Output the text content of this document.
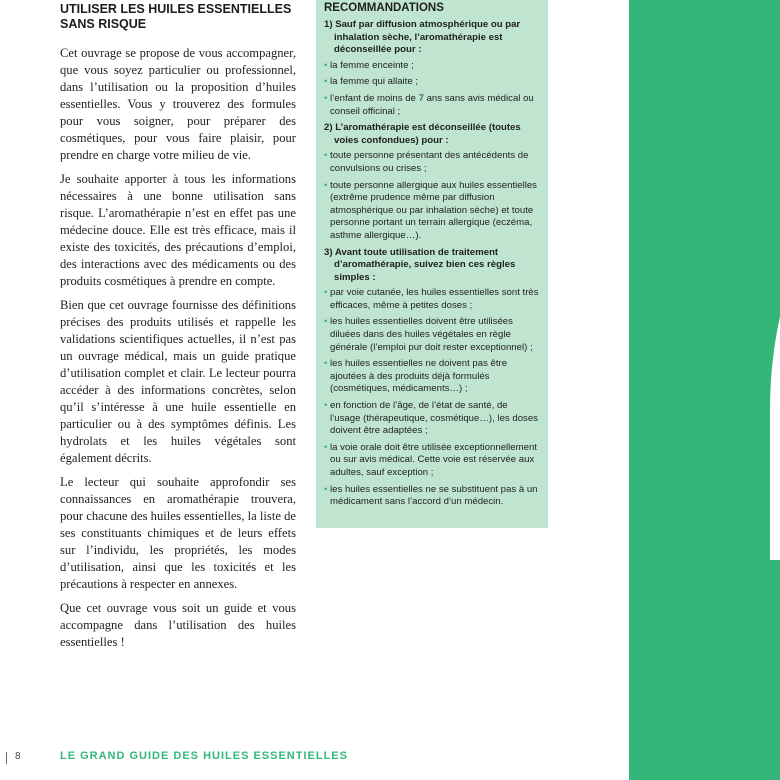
UTILISER LES HUILES ESSENTIELLES SANS RISQUE

Cet ouvrage se propose de vous accompagner, que vous soyez particulier ou professionnel, dans l’utilisation ou la proposition d’huiles essentielles. Vous y trouverez des formules pour vous soigner, pour préparer des cosmétiques, pour vous faire plaisir, pour prendre en charge votre milieu de vie.

Je souhaite apporter à tous les informations nécessaires à une bonne utilisation sans risque. L’aromathérapie n’est en effet pas une médecine douce. Elle est très efficace, mais il existe des toxicités, des précautions d’emploi, des interactions avec des médicaments ou des produits cosmétiques à prendre en compte.

Bien que cet ouvrage fournisse des définitions précises des produits utilisés et rappelle les validations scientifiques actuelles, il n’est pas un ouvrage médical, mais un guide pratique d’utilisation complet et clair. Le lecteur pourra accéder à des informations concrètes, selon qu’il s’intéresse à une huile essentielle en particulier ou à des symptômes définis. Les hydrolats et les huiles végétales sont également décrits.

Le lecteur qui souhaite approfondir ses connaissances en aromathérapie trouvera, pour chacune des huiles essentielles, la liste de ses constituants chimiques et de leurs effets sur l’individu, les propriétés, les modes d’utilisation, ainsi que les toxicités et les précautions à respecter en annexes.

Que cet ouvrage vous soit un guide et vous accompagne dans l’utilisation des huiles essentielles !

RECOMMANDATIONS
1) Sauf par diffusion atmosphérique ou par inhalation sèche, l’aromathérapie est déconseillée pour :
• la femme enceinte ;
• la femme qui allaite ;
• l’enfant de moins de 7 ans sans avis médical ou conseil officinal ;
2) L’aromathérapie est déconseillée (toutes voies confondues) pour :
• toute personne présentant des antécédents de convulsions ou crises ;
• toute personne allergique aux huiles essentielles (extrême prudence même par diffusion atmosphérique ou par inhalation sèche) et toute personne portant un terrain allergique (eczéma, asthme allergique…).
3) Avant toute utilisation de traitement d’aromathérapie, suivez bien ces règles simples :
• par voie cutanée, les huiles essentielles sont très efficaces, même à petites doses ;
• les huiles essentielles doivent être utilisées diluées dans des huiles végétales en règle générale (l’emploi pur doit rester exceptionnel) ;
• les huiles essentielles ne doivent pas être ajoutées à des produits déjà formulés (cosmétiques, médicaments…) ;
• en fonction de l’âge, de l’état de santé, de l’usage (thérapeutique, cosmétique…), les doses doivent être adaptées ;
• la voie orale doit être utilisée exceptionnellement ou sur avis médical. Cette voie est réservée aux adultes, sauf exception ;
• les huiles essentielles ne se substituent pas à un médicament sans l’accord d’un médecin.
8	LE GRAND GUIDE DES HUILES ESSENTIELLES
